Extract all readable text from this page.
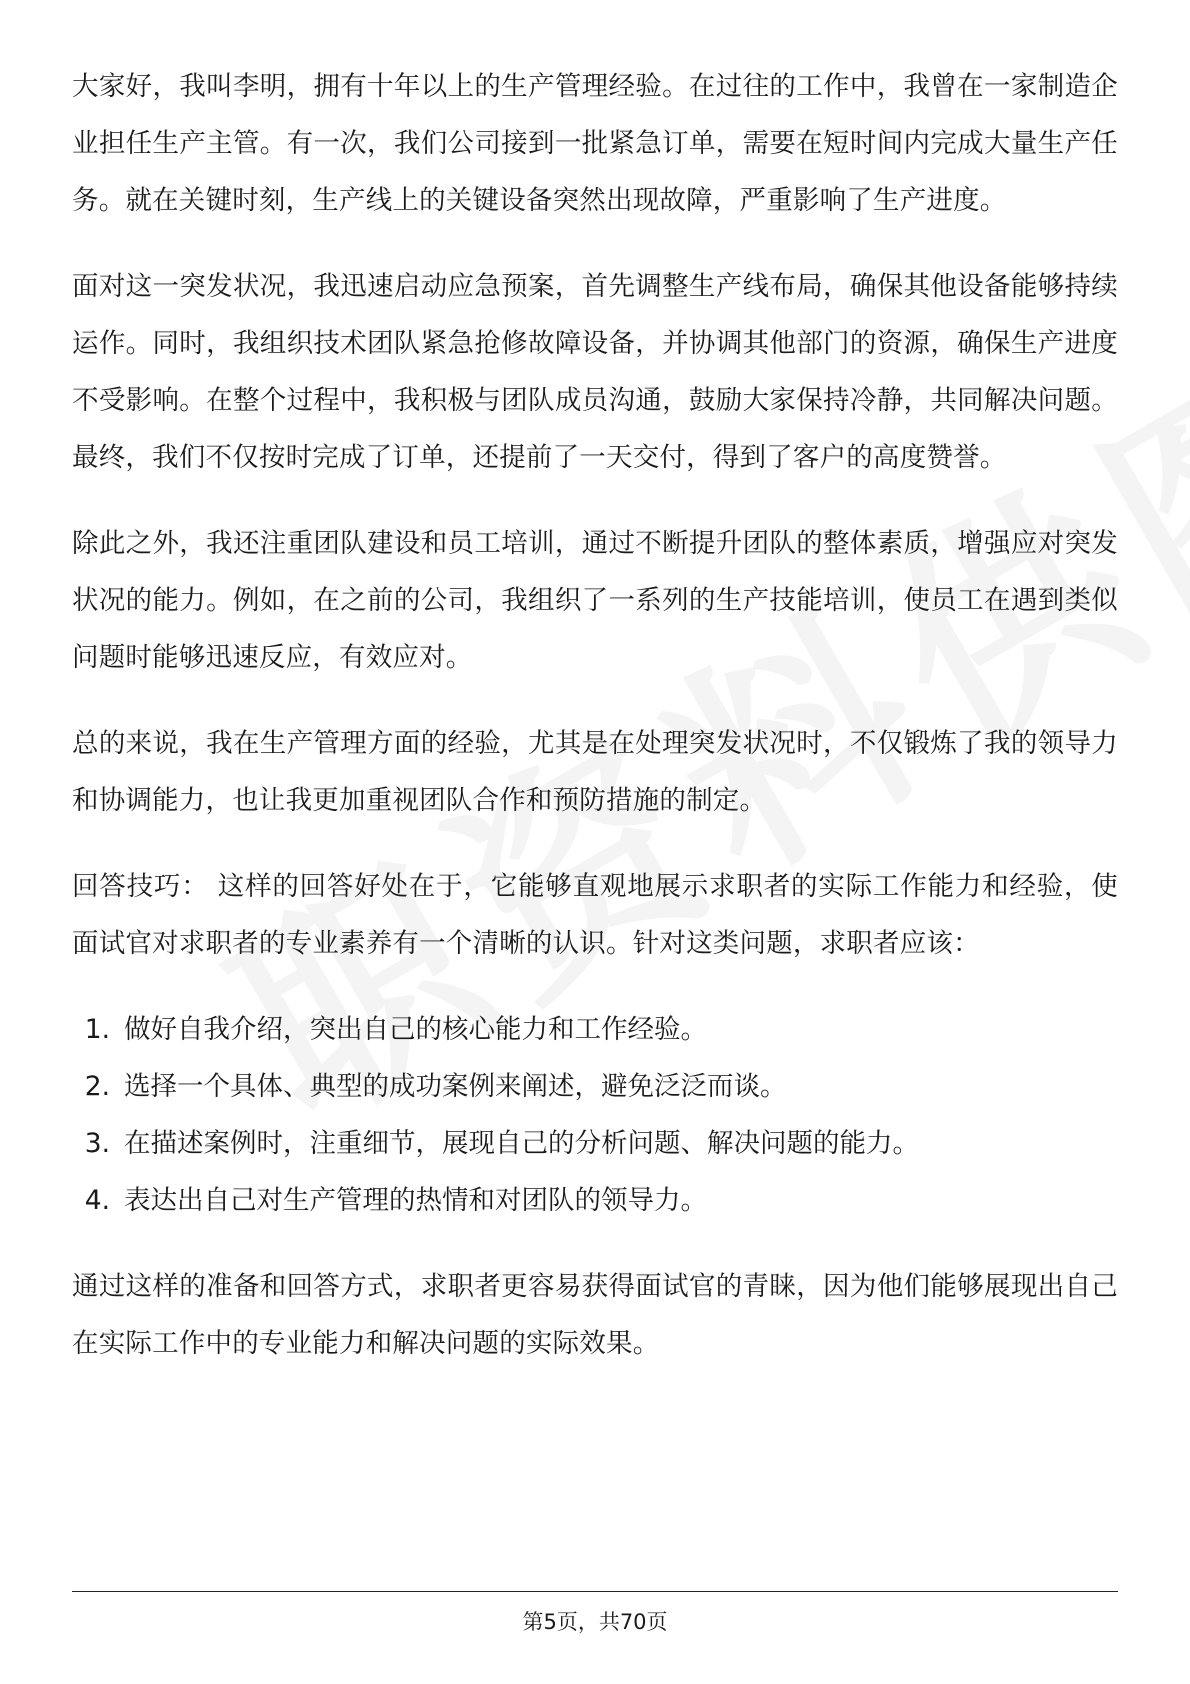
大家好，我叫李明，拥有十年以上的生产管理经验。在过往的工作中，我曾在一家制造企业担任生产主管。有一次，我们公司接到一批紧急订单，需要在短时间内完成大量生产任务。就在关键时刻，生产线上的关键设备突然出现故障，严重影响了生产进度。

面对这一突发状况，我迅速启动应急预案，首先调整生产线布局，确保其他设备能够持续运作。同时，我组织技术团队紧急抢修故障设备，并协调其他部门的资源，确保生产进度不受影响。在整个过程中，我积极与团队成员沟通，鼓励大家保持冷静，共同解决问题。最终，我们不仅按时完成了订单，还提前了一天交付，得到了客户的高度赞誉。

除此之外，我还注重团队建设和员工培训，通过不断提升团队的整体素质，增强应对突发状况的能力。例如，在之前的公司，我组织了一系列的生产技能培训，使员工在遇到类似问题时能够迅速反应，有效应对。

总的来说，我在生产管理方面的经验，尤其是在处理突发状况时，不仅锻炼了我的领导力和协调能力，也让我更加重视团队合作和预防措施的制定。

回答技巧： 这样的回答好处在于，它能够直观地展示求职者的实际工作能力和经验，使面试官对求职者的专业素养有一个清晰的认识。针对这类问题，求职者应该：

1. 做好自我介绍，突出自己的核心能力和工作经验。
2. 选择一个具体、典型的成功案例来阐述，避免泛泛而谈。
3. 在描述案例时，注重细节，展现自己的分析问题、解决问题的能力。
4. 表达出自己对生产管理的热情和对团队的领导力。

通过这样的准备和回答方式，求职者更容易获得面试官的青睐，因为他们能够展现出自己在实际工作中的专业能力和解决问题的实际效果。

第5页，共70页
